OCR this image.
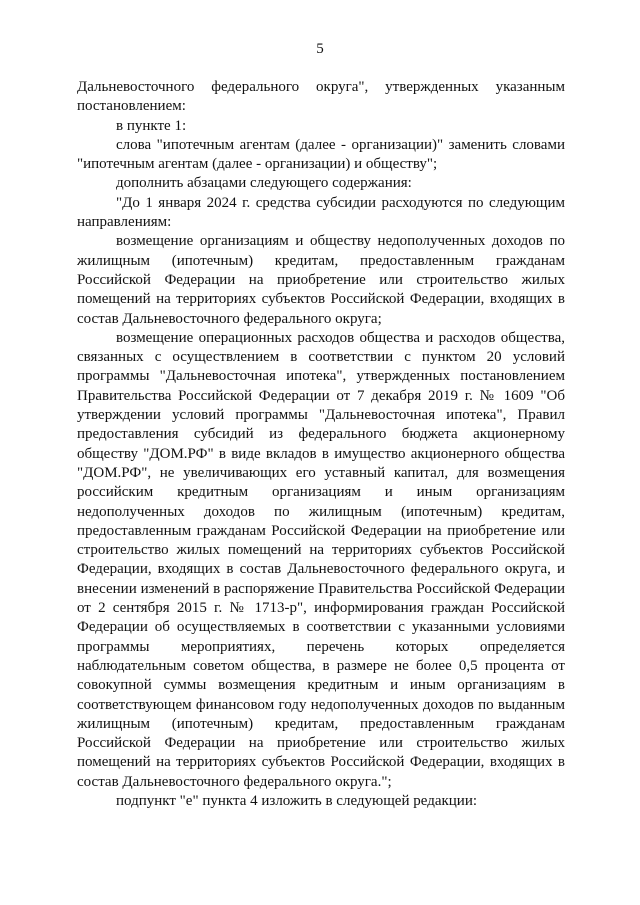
5

Дальневосточного федерального округа", утвержденных указанным постановлением:

в пункте 1:

слова "ипотечным агентам (далее - организации)" заменить словами "ипотечным агентам (далее - организации) и обществу";

дополнить абзацами следующего содержания:

"До 1 января 2024 г. средства субсидии расходуются по следующим направлениям:

возмещение организациям и обществу недополученных доходов по жилищным (ипотечным) кредитам, предоставленным гражданам Российской Федерации на приобретение или строительство жилых помещений на территориях субъектов Российской Федерации, входящих в состав Дальневосточного федерального округа;

возмещение операционных расходов общества и расходов общества, связанных с осуществлением в соответствии с пунктом 20 условий программы "Дальневосточная ипотека", утвержденных постановлением Правительства Российской Федерации от 7 декабря 2019 г. № 1609 "Об утверждении условий программы "Дальневосточная ипотека", Правил предоставления субсидий из федерального бюджета акционерному обществу "ДОМ.РФ" в виде вкладов в имущество акционерного общества "ДОМ.РФ", не увеличивающих его уставный капитал, для возмещения российским кредитным организациям и иным организациям недополученных доходов по жилищным (ипотечным) кредитам, предоставленным гражданам Российской Федерации на приобретение или строительство жилых помещений на территориях субъектов Российской Федерации, входящих в состав Дальневосточного федерального округа, и внесении изменений в распоряжение Правительства Российской Федерации от 2 сентября 2015 г. № 1713-р", информирования граждан Российской Федерации об осуществляемых в соответствии с указанными условиями программы мероприятиях, перечень которых определяется наблюдательным советом общества, в размере не более 0,5 процента от совокупной суммы возмещения кредитным и иным организациям в соответствующем финансовом году недополученных доходов по выданным жилищным (ипотечным) кредитам, предоставленным гражданам Российской Федерации на приобретение или строительство жилых помещений на территориях субъектов Российской Федерации, входящих в состав Дальневосточного федерального округа.";

подпункт "е" пункта 4 изложить в следующей редакции:
